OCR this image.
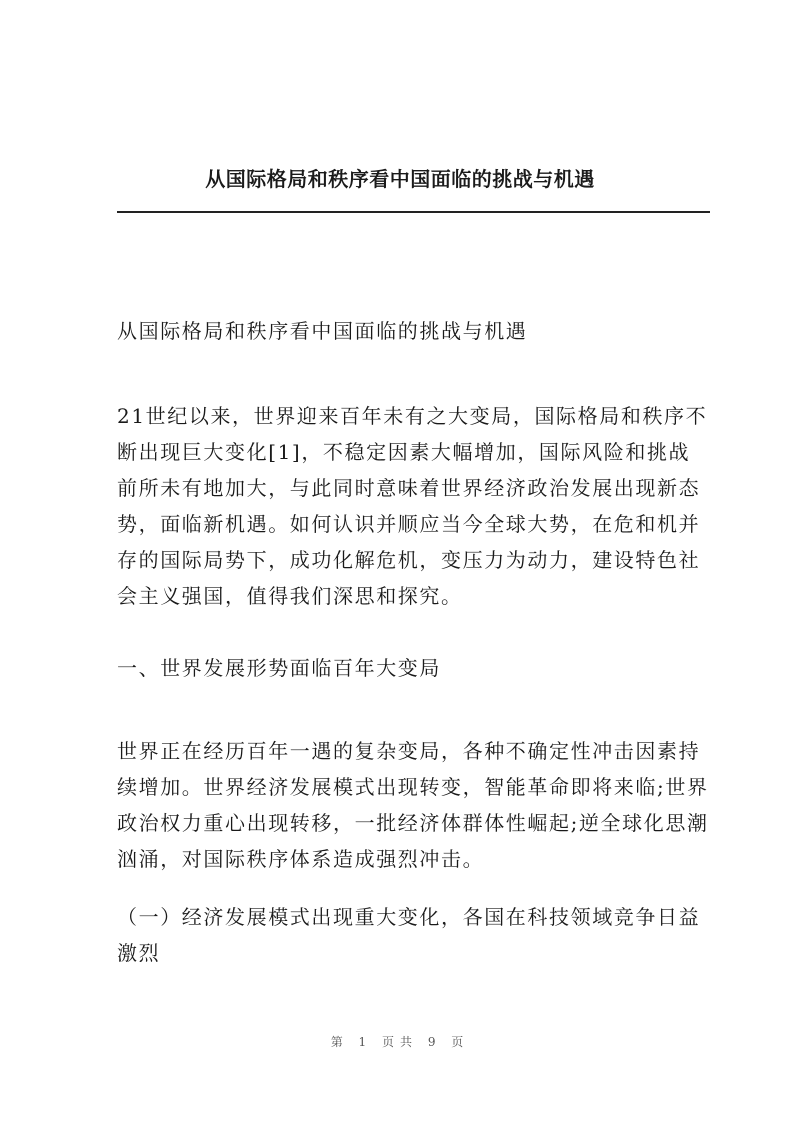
从国际格局和秩序看中国面临的挑战与机遇

从国际格局和秩序看中国面临的挑战与机遇

21世纪以来，世界迎来百年未有之大变局，国际格局和秩序不断出现巨大变化[1]，不稳定因素大幅增加，国际风险和挑战前所未有地加大，与此同时意味着世界经济政治发展出现新态势，面临新机遇。如何认识并顺应当今全球大势，在危和机并存的国际局势下，成功化解危机，变压力为动力，建设特色社会主义强国，值得我们深思和探究。

一、世界发展形势面临百年大变局

世界正在经历百年一遇的复杂变局，各种不确定性冲击因素持续增加。世界经济发展模式出现转变，智能革命即将来临;世界政治权力重心出现转移，一批经济体群体性崛起;逆全球化思潮汹涌，对国际秩序体系造成强烈冲击。

（一）经济发展模式出现重大变化，各国在科技领域竞争日益激烈

第 1 页共 9 页
